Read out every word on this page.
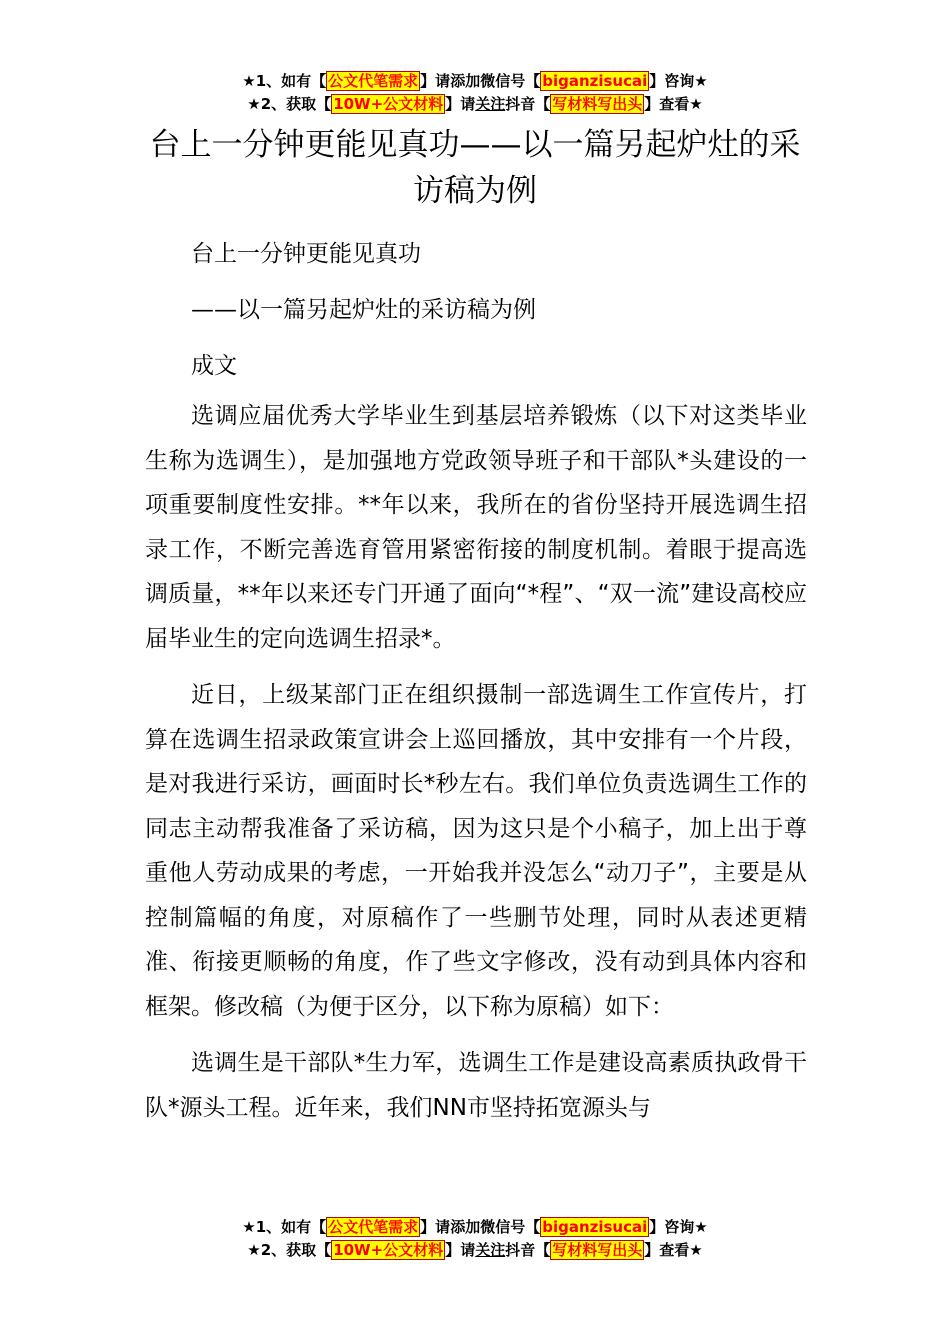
★1、如有【 公文代笔需求 】请添加微信号【 biganzisucai 】咨询★
★2、获取【 10W+公文材料 】请关注抖音【 写材料写出头 】查看★
台上一分钟更能见真功——以一篇另起炉灶的采访稿为例

台上一分钟更能见真功

——以一篇另起炉灶的采访稿为例

成文

选调应届优秀大学毕业生到基层培养锻炼（以下对这类毕业生称为选调生），是加强地方党政领导班子和干部队*头建设的一项重要制度性安排。**年以来，我所在的省份坚持开展选调生招录工作，不断完善选育管用紧密衔接的制度机制。着眼于提高选调质量，**年以来还专门开通了面向“*程”、“双一流”建设高校应届毕业生的定向选调生招录*。

近日，上级某部门正在组织摄制一部选调生工作宣传片，打算在选调生招录政策宣讲会上巡回播放，其中安排有一个片段，是对我进行采访，画面时长*秒左右。我们单位负责选调生工作的同志主动帮我准备了采访稿，因为这只是个小稿子，加上出于尊重他人劳动成果的考虑，一开始我并没怎么“动刀子”，主要是从控制篇幅的角度，对原稿作了一些删节处理，同时从表述更精准、衔接更顺畅的角度，作了些文字修改，没有动到具体内容和框架。修改稿（为便于区分，以下称为原稿）如下：

选调生是干部队*生力军，选调生工作是建设高素质执政骨干队*源头工程。近年来，我们NN市坚持拓宽源头与

★1、如有【 公文代笔需求 】请添加微信号【 biganzisucai 】咨询★
★2、获取【 10W+公文材料 】请关注抖音【 写材料写出头 】查看★
